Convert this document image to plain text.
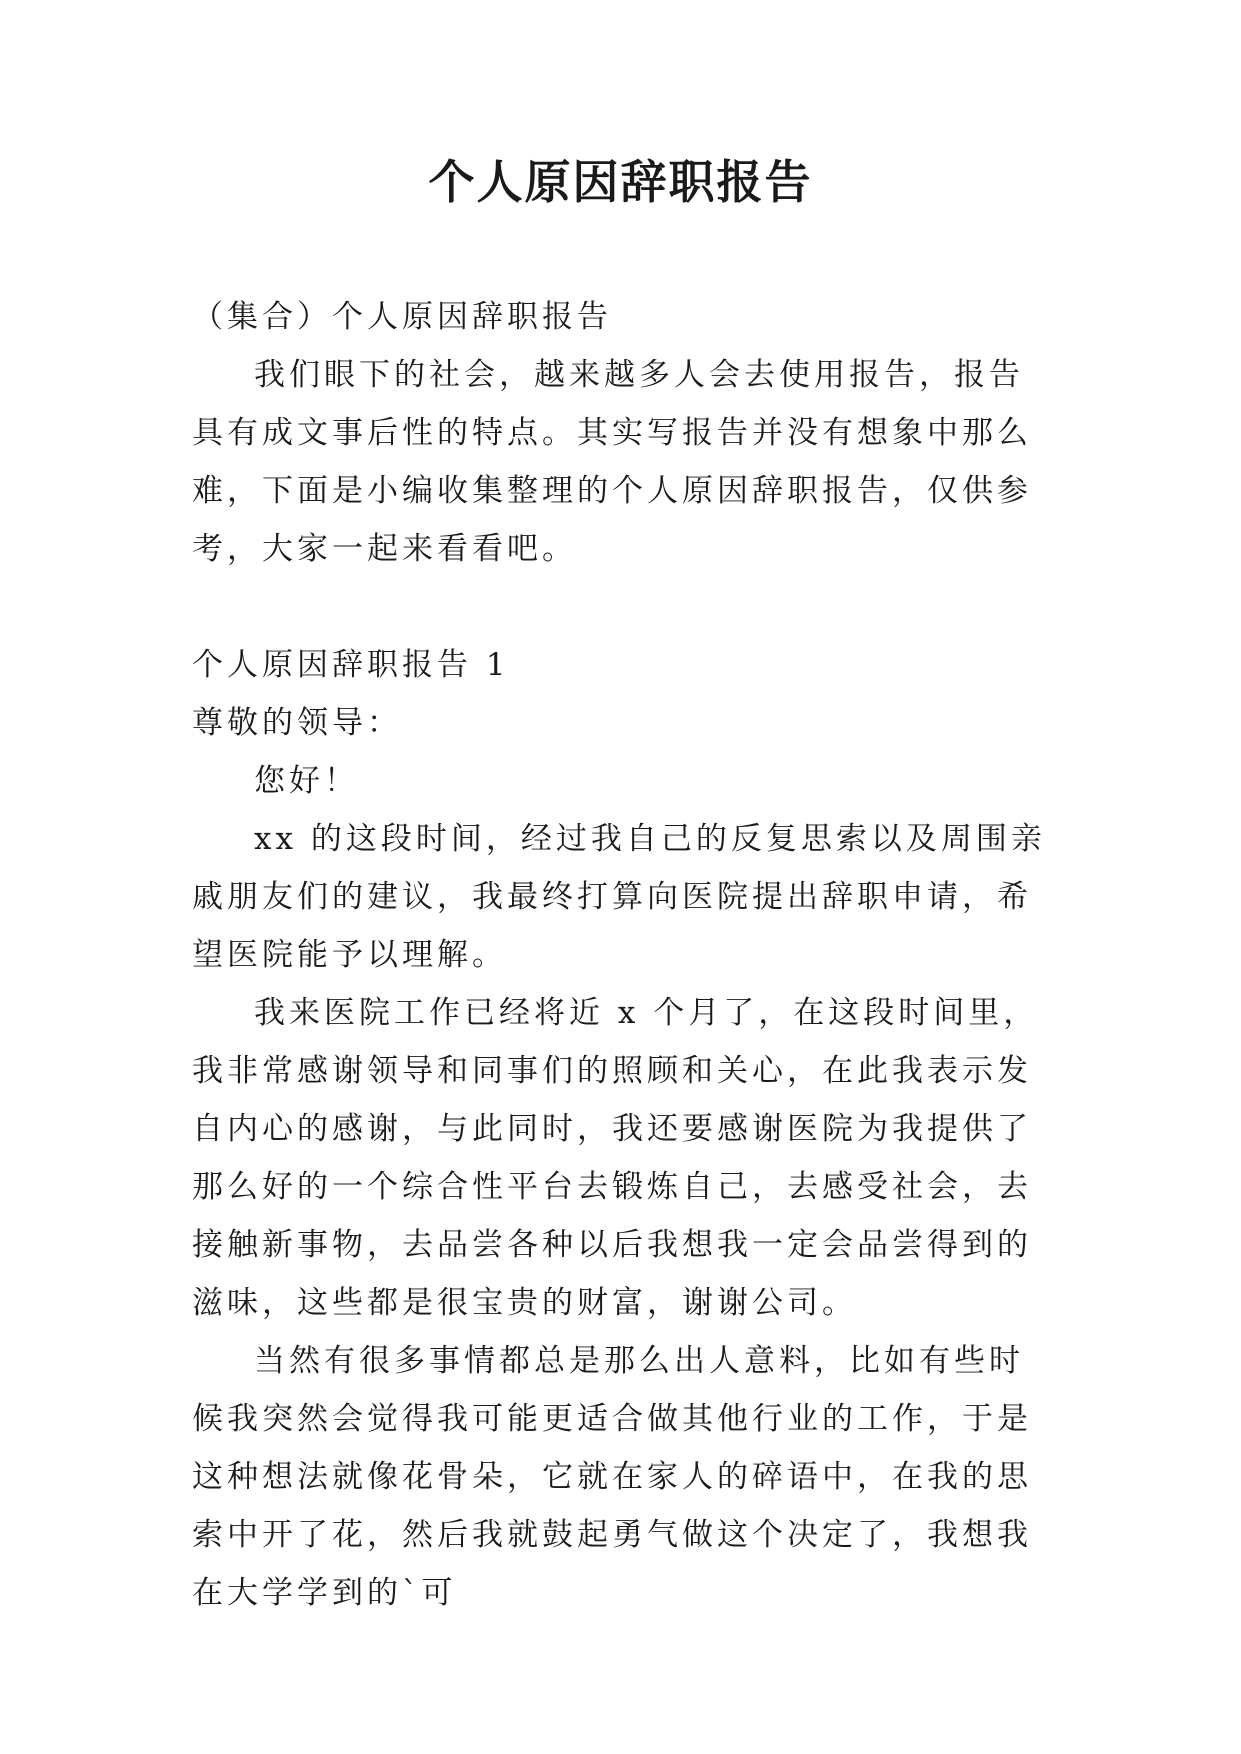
个人原因辞职报告

（集合）个人原因辞职报告

我们眼下的社会，越来越多人会去使用报告，报告具有成文事后性的特点。其实写报告并没有想象中那么难，下面是小编收集整理的个人原因辞职报告，仅供参考，大家一起来看看吧。

个人原因辞职报告 1

尊敬的领导：

您好！

xx 的这段时间，经过我自己的反复思索以及周围亲戚朋友们的建议，我最终打算向医院提出辞职申请，希望医院能予以理解。

我来医院工作已经将近 x 个月了，在这段时间里，我非常感谢领导和同事们的照顾和关心，在此我表示发自内心的感谢，与此同时，我还要感谢医院为我提供了那么好的一个综合性平台去锻炼自己，去感受社会，去接触新事物，去品尝各种以后我想我一定会品尝得到的滋味，这些都是很宝贵的财富，谢谢公司。

当然有很多事情都总是那么出人意料，比如有些时候我突然会觉得我可能更适合做其他行业的工作，于是这种想法就像花骨朵，它就在家人的碎语中，在我的思索中开了花，然后我就鼓起勇气做这个决定了，我想我在大学学到的`可
